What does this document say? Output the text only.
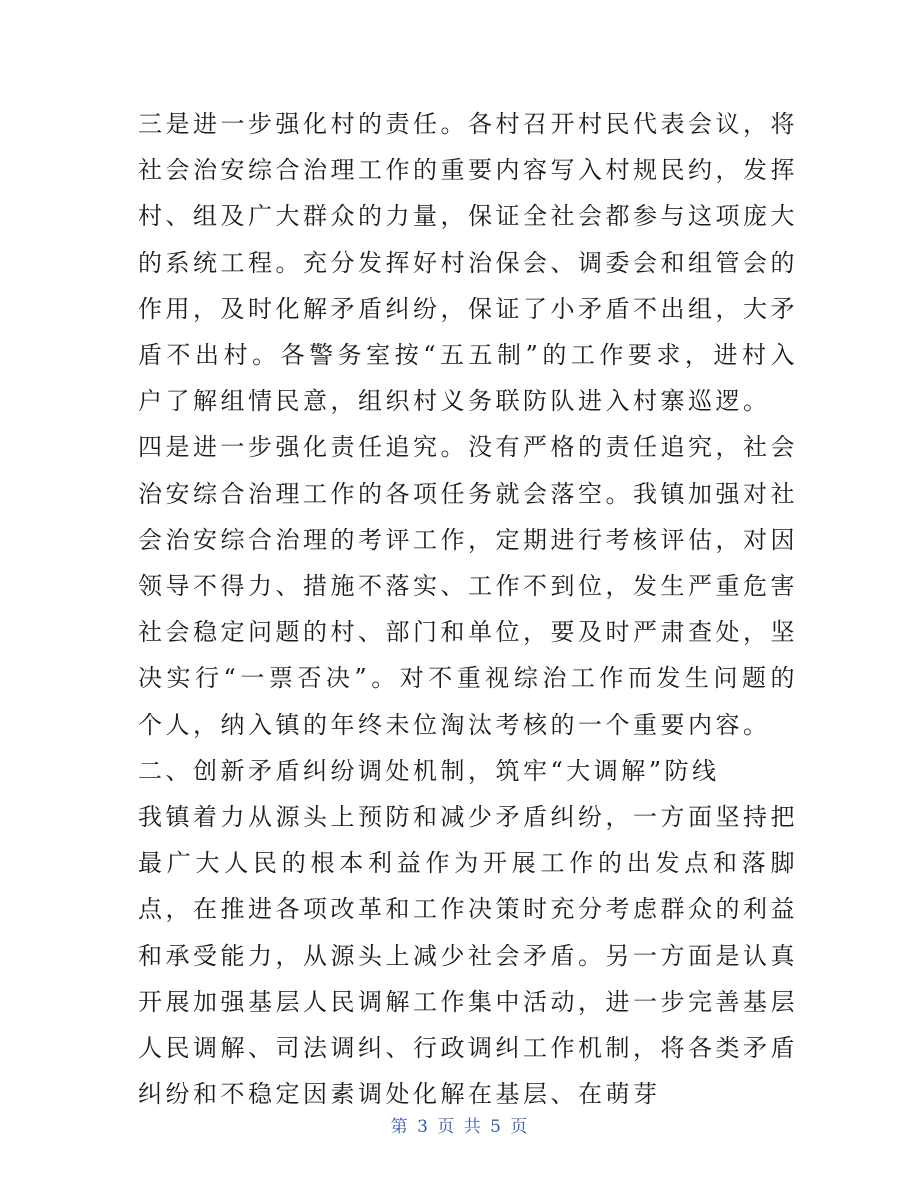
三是进一步强化村的责任。各村召开村民代表会议，将社会治安综合治理工作的重要内容写入村规民约，发挥村、组及广大群众的力量，保证全社会都参与这项庞大的系统工程。充分发挥好村治保会、调委会和组管会的作用，及时化解矛盾纠纷，保证了小矛盾不出组，大矛盾不出村。各警务室按“五五制”的工作要求，进村入户了解组情民意，组织村义务联防队进入村寨巡逻。

四是进一步强化责任追究。没有严格的责任追究，社会治安综合治理工作的各项任务就会落空。我镇加强对社会治安综合治理的考评工作，定期进行考核评估，对因领导不得力、措施不落实、工作不到位，发生严重危害社会稳定问题的村、部门和单位，要及时严肃查处，坚决实行“一票否决”。对不重视综治工作而发生问题的个人，纳入镇的年终未位淘汰考核的一个重要内容。

二、创新矛盾纠纷调处机制，筑牢“大调解”防线

我镇着力从源头上预防和减少矛盾纠纷，一方面坚持把最广大人民的根本利益作为开展工作的出发点和落脚点，在推进各项改革和工作决策时充分考虑群众的利益和承受能力，从源头上减少社会矛盾。另一方面是认真开展加强基层人民调解工作集中活动，进一步完善基层人民调解、司法调纠、行政调纠工作机制，将各类矛盾纠纷和不稳定因素调处化解在基层、在萌芽

第 3 页 共 5 页
